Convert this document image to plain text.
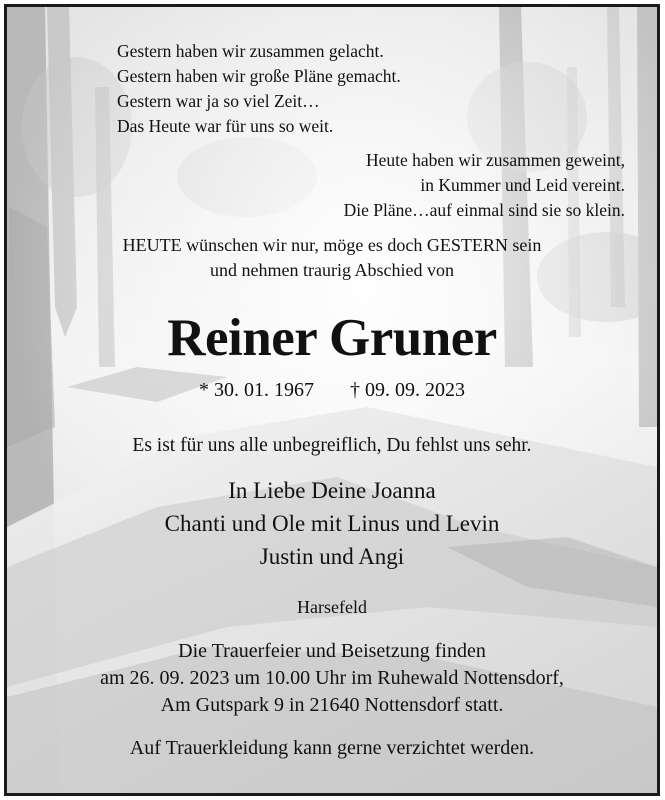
Gestern haben wir zusammen gelacht.
Gestern haben wir große Pläne gemacht.
Gestern war ja so viel Zeit…
Das Heute war für uns so weit.
Heute haben wir zusammen geweint,
in Kummer und Leid vereint.
Die Pläne…auf einmal sind sie so klein.
HEUTE wünschen wir nur, möge es doch GESTERN sein
und nehmen traurig Abschied von
Reiner Gruner
* 30. 01. 1967 † 09. 09. 2023
Es ist für uns alle unbegreiflich, Du fehlst uns sehr.
In Liebe Deine Joanna
Chanti und Ole mit Linus und Levin
Justin und Angi
Harsefeld
Die Trauerfeier und Beisetzung finden
am 26. 09. 2023 um 10.00 Uhr im Ruhewald Nottensdorf,
Am Gutspark 9 in 21640 Nottensdorf statt.
Auf Trauerkleidung kann gerne verzichtet werden.
